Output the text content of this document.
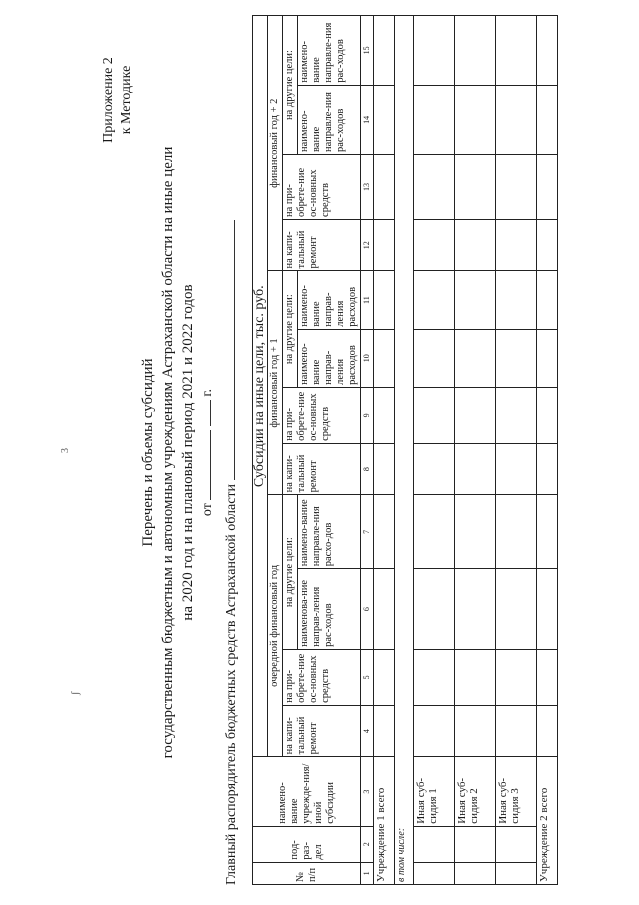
3
ʃ
Приложение 2 к Методике
Перечень и объемы субсидий государственным бюджетным и автономным учреждениям Астраханской области на иные цели на 2020 год и на плановый период 2021 и 2022 годов от   г.
Главный распорядитель бюджетных средств Астраханской области	№ п/п	под-раз-дел	наимено-вание учрежде-ния/иной субсидии	Субсидии на иные цели, тыс. руб.											
			очередной финансовый год				финансовый год + 1				финансовый год + 2			
			на капи-тальный ремонт	на при-обрете-ние ос-новных средств	на другие цели:		на капи-тальный ремонт	на при-обрете-ние ос-новных средств	на другие цели:		на капи-тальный ремонт	на при-обрете-ние ос-новных средств	на другие цели:	
					наименова-ние направ-ления рас-ходов	наимено-вание направле-ния расхо-дов			наимено-вание направ-ления расходов	наимено-вание направ-ления расходов			наимено-вание направле-ния рас-ходов	наимено-вание направле-ния рас-ходов
1	2	3	4	5	6	7	8	9	10	11	12	13	14	15
Учреждение 1 всего														
в том числе:														
		Иная суб-сидия 1												
		Иная суб-сидия 2												
		Иная суб-сидия 3												
Учреждение 2 всего														
